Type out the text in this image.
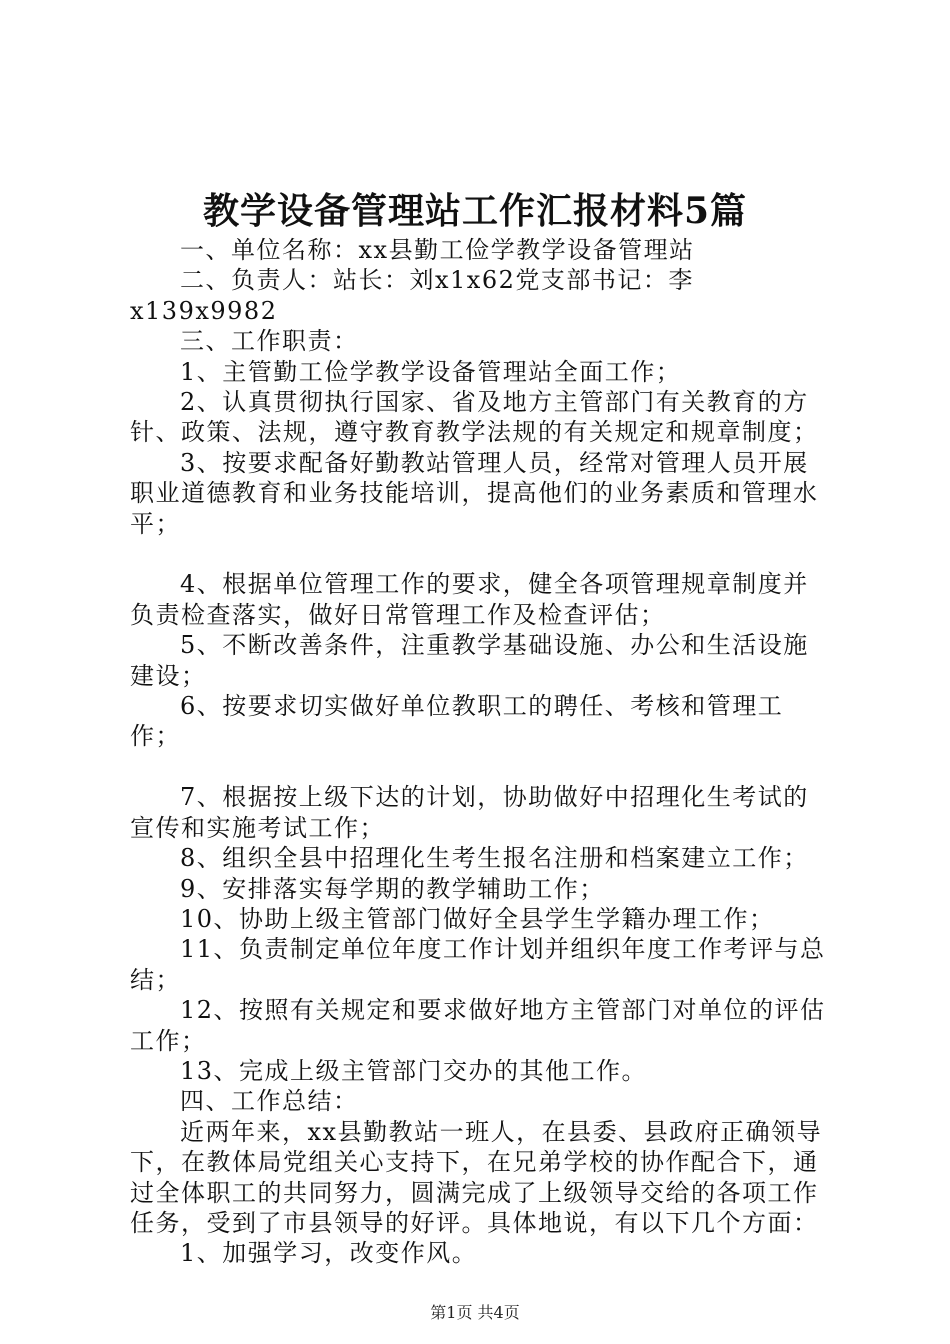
教学设备管理站工作汇报材料5篇

一、单位名称：xx县勤工俭学教学设备管理站

二、负责人：站长：刘x1x62党支部书记：李x139x9982

三、工作职责：

1、主管勤工俭学教学设备管理站全面工作；

2、认真贯彻执行国家、省及地方主管部门有关教育的方针、政策、法规，遵守教育教学法规的有关规定和规章制度；

3、按要求配备好勤教站管理人员，经常对管理人员开展职业道德教育和业务技能培训，提高他们的业务素质和管理水平；

4、根据单位管理工作的要求，健全各项管理规章制度并负责检查落实，做好日常管理工作及检查评估；

5、不断改善条件，注重教学基础设施、办公和生活设施建设；

6、按要求切实做好单位教职工的聘任、考核和管理工作；

7、根据按上级下达的计划，协助做好中招理化生考试的宣传和实施考试工作；

8、组织全县中招理化生考生报名注册和档案建立工作；

9、安排落实每学期的教学辅助工作；

10、协助上级主管部门做好全县学生学籍办理工作；

11、负责制定单位年度工作计划并组织年度工作考评与总结；

12、按照有关规定和要求做好地方主管部门对单位的评估工作；

13、完成上级主管部门交办的其他工作。

四、工作总结：

近两年来，xx县勤教站一班人，在县委、县政府正确领导下，在教体局党组关心支持下，在兄弟学校的协作配合下，通过全体职工的共同努力，圆满完成了上级领导交给的各项工作任务，受到了市县领导的好评。具体地说，有以下几个方面：

1、加强学习，改变作风。

第1页 共4页
